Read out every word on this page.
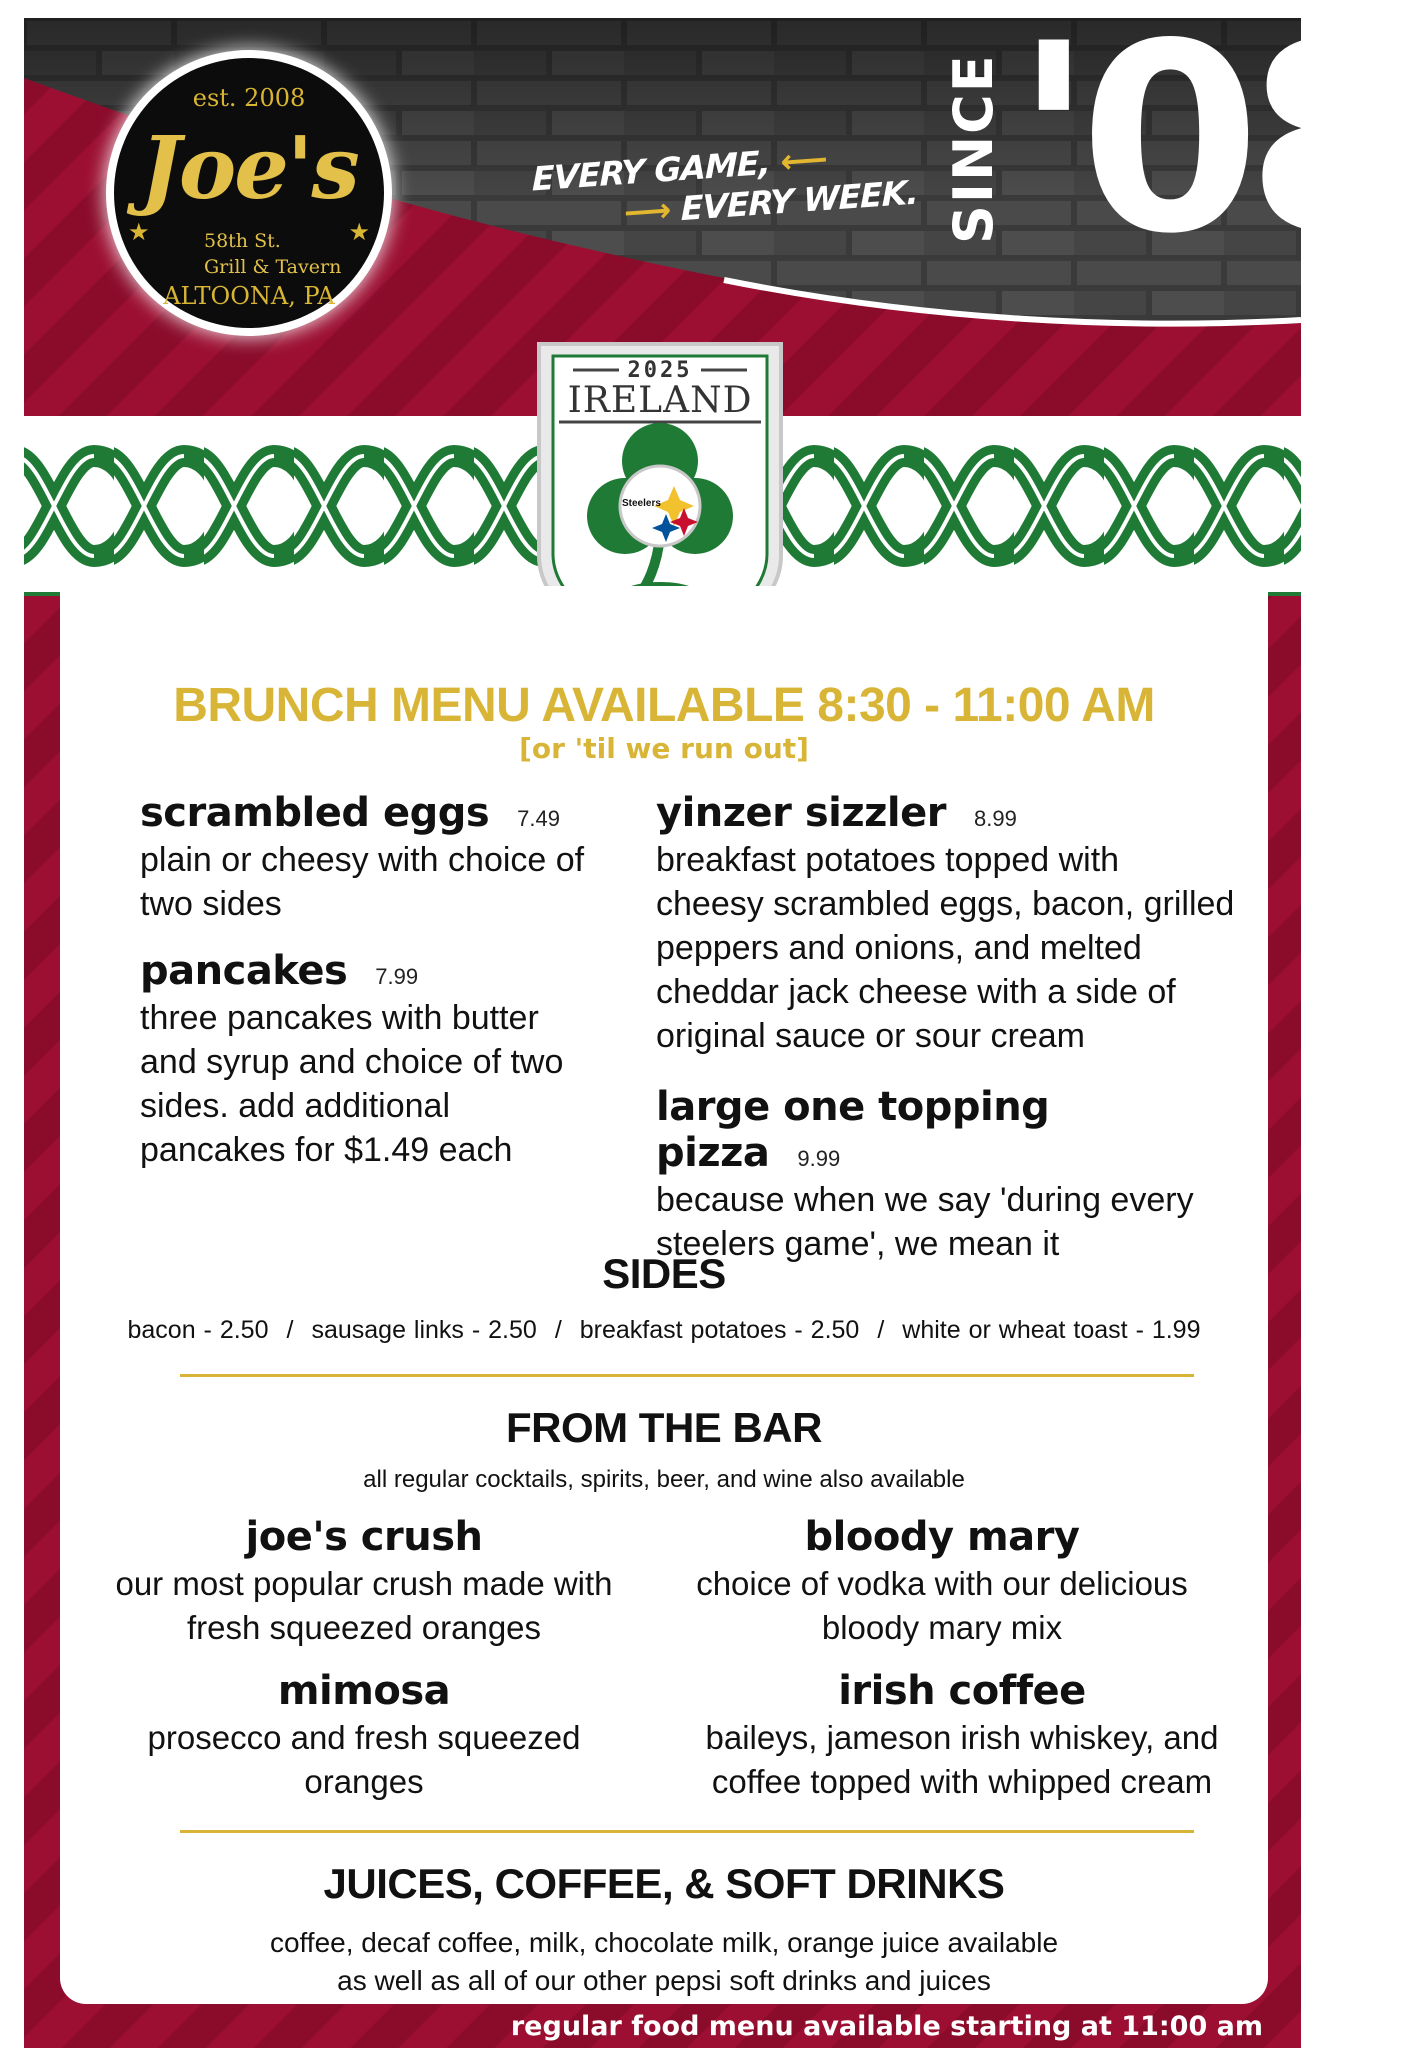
est. 2008
Joe's
58th St.
Grill & Tavern
★	★
ALTOONA, PA
EVERY GAME, ⟵
⟶ EVERY WEEK. SINCE '08
2025
IRELAND
Steelers
BRUNCH MENU AVAILABLE 8:30 - 11:00 AM
[or 'til we run out]
scrambled eggs 7.49
plain or cheesy with choice of two sides
pancakes 7.99
three pancakes with butter and syrup and choice of two sides. add additional pancakes for $1.49 each
yinzer sizzler 8.99
breakfast potatoes topped with cheesy scrambled eggs, bacon, grilled peppers and onions, and melted cheddar jack cheese with a side of original sauce or sour cream
large one topping pizza 9.99
because when we say 'during every steelers game', we mean it
SIDES
bacon - 2.50 / sausage links - 2.50 / breakfast potatoes - 2.50 / white or wheat toast - 1.99
FROM THE BAR
all regular cocktails, spirits, beer, and wine also available
joe's crush
our most popular crush made with fresh squeezed oranges
bloody mary
choice of vodka with our delicious bloody mary mix
mimosa
prosecco and fresh squeezed oranges
irish coffee
baileys, jameson irish whiskey, and coffee topped with whipped cream
JUICES, COFFEE, & SOFT DRINKS
coffee, decaf coffee, milk, chocolate milk, orange juice available
as well as all of our other pepsi soft drinks and juices
regular food menu available starting at 11:00 am
